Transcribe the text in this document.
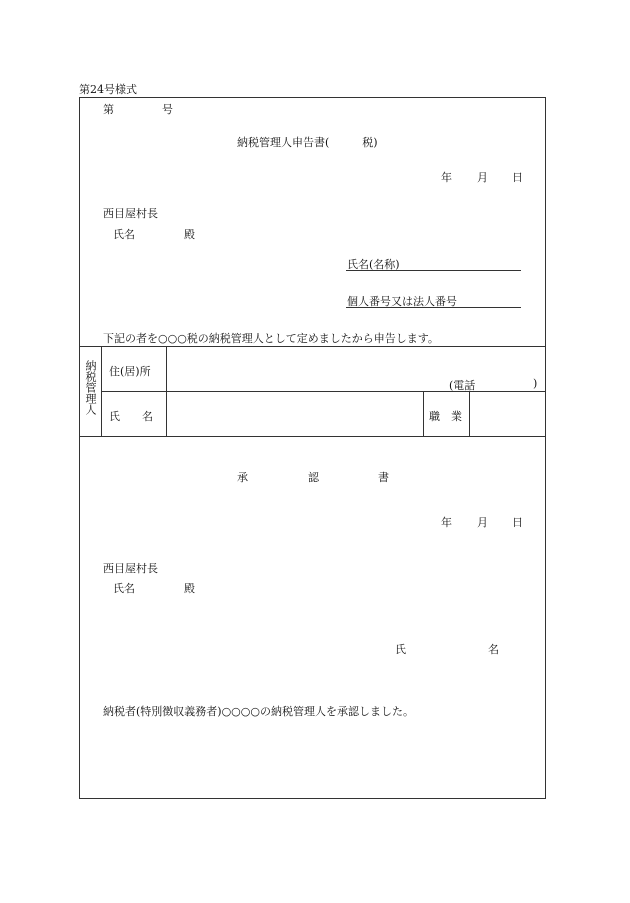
第24号様式
第	号
納税管理人申告書(　　　税)
年 月 日
西目屋村長
氏名	殿
氏名(名称)
個人番号又は法人番号
下記の者を○○○税の納税管理人として定めましたから申告します。
納税管理人 住(居)所
(電話	)
氏　　名	職　業
承	認	書
年 月 日
西目屋村長
氏名	殿
氏	名
納税者(特別徴収義務者)○○○○の納税管理人を承認しました。
